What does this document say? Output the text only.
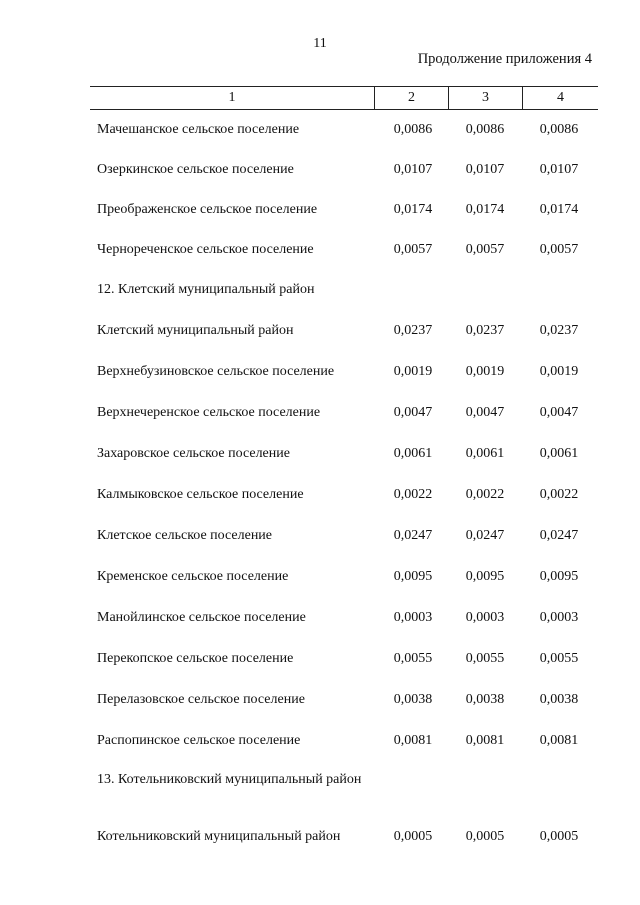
11
Продолжение приложения 4
1	2	3	4
Мачешанское сельское поселение	0,0086	0,0086	0,0086
Озеркинское сельское поселение	0,0107	0,0107	0,0107
Преображенское сельское поселение	0,0174	0,0174	0,0174
Чернореченское сельское поселение	0,0057	0,0057	0,0057
12. Клетский муниципальный район
Клетский муниципальный район	0,0237	0,0237	0,0237
Верхнебузиновское сельское поселение	0,0019	0,0019	0,0019
Верхнечеренское сельское поселение	0,0047	0,0047	0,0047
Захаровское сельское поселение	0,0061	0,0061	0,0061
Калмыковское сельское поселение	0,0022	0,0022	0,0022
Клетское сельское поселение	0,0247	0,0247	0,0247
Кременское сельское поселение	0,0095	0,0095	0,0095
Манойлинское сельское поселение	0,0003	0,0003	0,0003
Перекопское сельское поселение	0,0055	0,0055	0,0055
Перелазовское сельское поселение	0,0038	0,0038	0,0038
Распопинское сельское поселение	0,0081	0,0081	0,0081
13. Котельниковский муниципальный район
Котельниковский муниципальный район	0,0005	0,0005	0,0005
